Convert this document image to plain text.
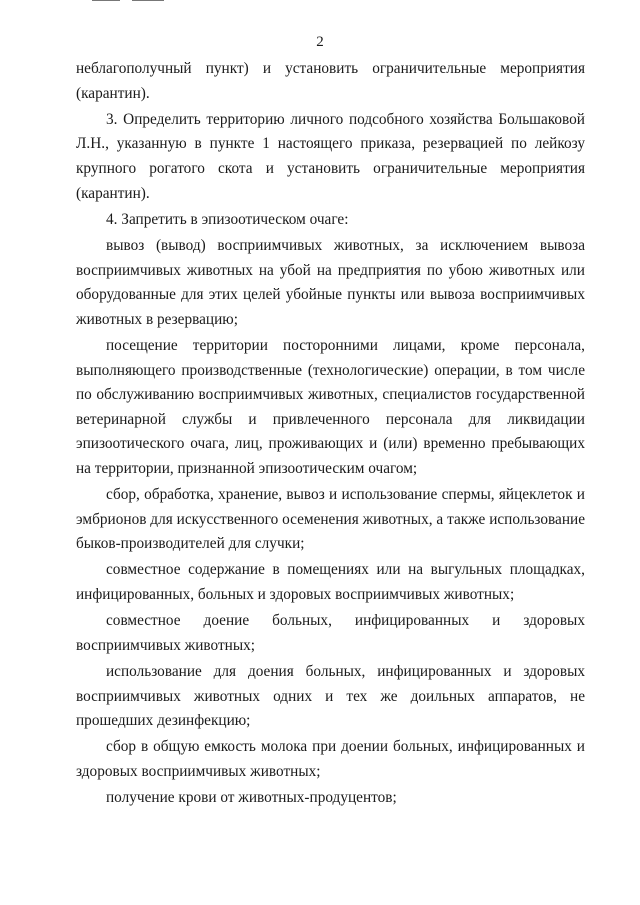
2

неблагополучный пункт) и установить ограничительные мероприятия (карантин).

3. Определить территорию личного подсобного хозяйства Большаковой Л.Н., указанную в пункте 1 настоящего приказа, резервацией по лейкозу крупного рогатого скота и установить ограничительные мероприятия (карантин).

4. Запретить в эпизоотическом очаге:

вывоз (вывод) восприимчивых животных, за исключением вывоза восприимчивых животных на убой на предприятия по убою животных или оборудованные для этих целей убойные пункты или вывоза восприимчивых животных в резервацию;

посещение территории посторонними лицами, кроме персонала, выполняющего производственные (технологические) операции, в том числе по обслуживанию восприимчивых животных, специалистов государственной ветеринарной службы и привлеченного персонала для ликвидации эпизоотического очага, лиц, проживающих и (или) временно пребывающих на территории, признанной эпизоотическим очагом;

сбор, обработка, хранение, вывоз и использование спермы, яйцеклеток и эмбрионов для искусственного осеменения животных, а также использование быков-производителей для случки;

совместное содержание в помещениях или на выгульных площадках, инфицированных, больных и здоровых восприимчивых животных;

совместное доение больных, инфицированных и здоровых восприимчивых животных;

использование для доения больных, инфицированных и здоровых восприимчивых животных одних и тех же доильных аппаратов, не прошедших дезинфекцию;

сбор в общую емкость молока при доении больных, инфицированных и здоровых восприимчивых животных;

получение крови от животных-продуцентов;
